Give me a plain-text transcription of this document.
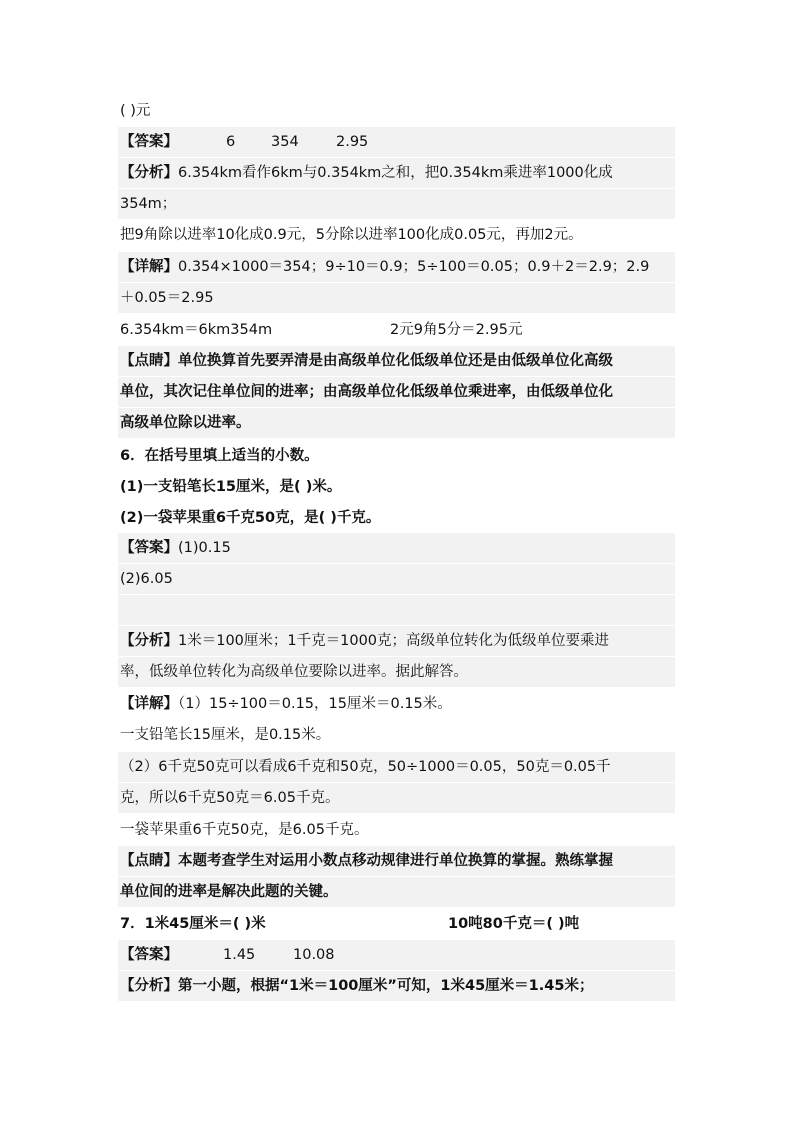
( )元
【答案】	6 354	2.95
【分析】6.354km看作6km与0.354km之和，把0.354km乘进率1000化成
354m；
把9角除以进率10化成0.9元，5分除以进率100化成0.05元，再加2元。
【详解】0.354×1000＝354；9÷10＝0.9；5÷100＝0.05；0.9＋2＝2.9；2.9
＋0.05＝2.95
6.354km＝6km354m	2元9角5分＝2.95元
【点睛】单位换算首先要弄清是由高级单位化低级单位还是由低级单位化高级
单位，其次记住单位间的进率；由高级单位化低级单位乘进率，由低级单位化
高级单位除以进率。
6．在括号里填上适当的小数。
(1)一支铅笔长15厘米，是( )米。
(2)一袋苹果重6千克50克，是( )千克。
【答案】(1)0.15
(2)6.05
【分析】1米＝100厘米；1千克＝1000克；高级单位转化为低级单位要乘进
率，低级单位转化为高级单位要除以进率。据此解答。
【详解】（1）15÷100＝0.15，15厘米＝0.15米。
一支铅笔长15厘米，是0.15米。
（2）6千克50克可以看成6千克和50克，50÷1000＝0.05，50克＝0.05千
克，所以6千克50克＝6.05千克。
一袋苹果重6千克50克，是6.05千克。
【点睛】本题考查学生对运用小数点移动规律进行单位换算的掌握。熟练掌握
单位间的进率是解决此题的关键。
7．1米45厘米＝( )米	10吨80千克＝( )吨
【答案】	1.45	10.08
【分析】第一小题，根据“1米＝100厘米”可知，1米45厘米＝1.45米；
